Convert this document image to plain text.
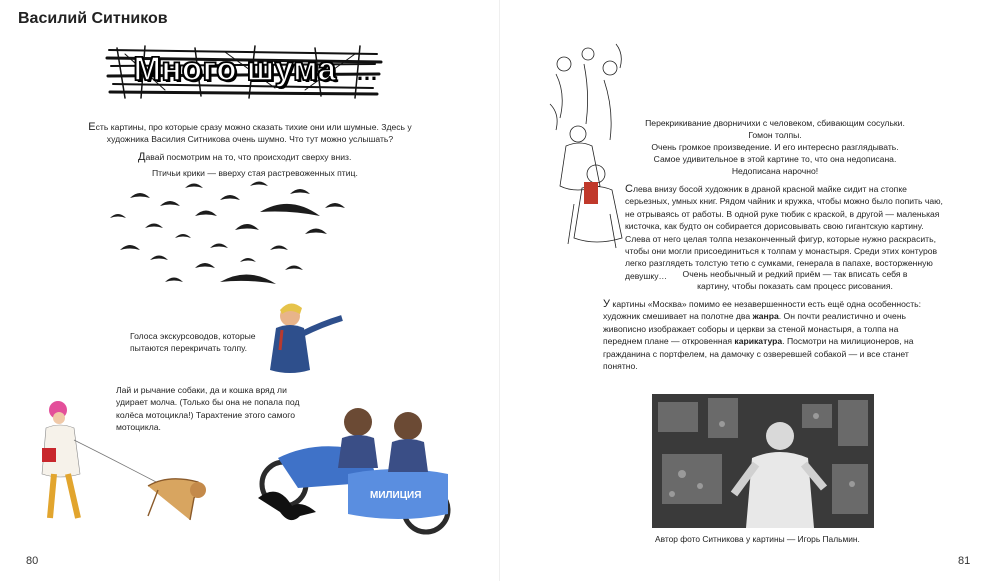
Василий Ситников
Много шума …
Есть картины, про которые сразу можно сказать тихие они или шумные. Здесь у художника Василия Ситникова очень шумно. Что тут можно услышать?
Давай посмотрим на то, что происходит сверху вниз.
Птичьи крики — вверху стая растревоженных птиц.
Голоса экскурсоводов, которые пытаются перекричать толпу.
Лай и рычание собаки, да и кошка вряд ли удирает молча. (Только бы она не попала под колёса мотоцикла!) Тарахтение этого самого мотоцикла.
МИЛИЦИЯ
80
Перекрикивание дворничихи с человеком, сбивающим сосульки.
Гомон толпы.
Очень громкое произведение. И его интересно разглядывать.
Самое удивительное в этой картине то, что она недописана.
Недописана нарочно!
Слева внизу босой художник в драной красной майке сидит на стопке серьезных, умных книг. Рядом чайник и кружка, чтобы можно было попить чаю, не отрываясь от работы. В одной руке тюбик с краской, в другой — маленькая кисточка, как будто он собирается дорисовывать свою гигантскую картину. Слева от него целая толпа незаконченный фигур, которые нужно раскрасить, чтобы они могли присоединиться к толпам у монастыря. Среди этих контуров легко разглядеть толстую тетю с сумками, генерала в папахе, восторженную девушку…	Очень необычный и редкий приём — так вписать себя в картину, чтобы показать сам процесс рисования.
У картины «Москва» помимо ее незавершенности есть ещё одна особенность: художник смешивает на полотне два жанра. Он почти реалистично и очень живописно изображает соборы и церкви за стеной монастыря, а толпа на переднем плане — откровенная карикатура. Посмотри на милиционеров, на гражданина с портфелем, на дамочку с озверевшей собакой — и все станет понятно.
Автор фото Ситникова у картины — Игорь Пальмин.
81
